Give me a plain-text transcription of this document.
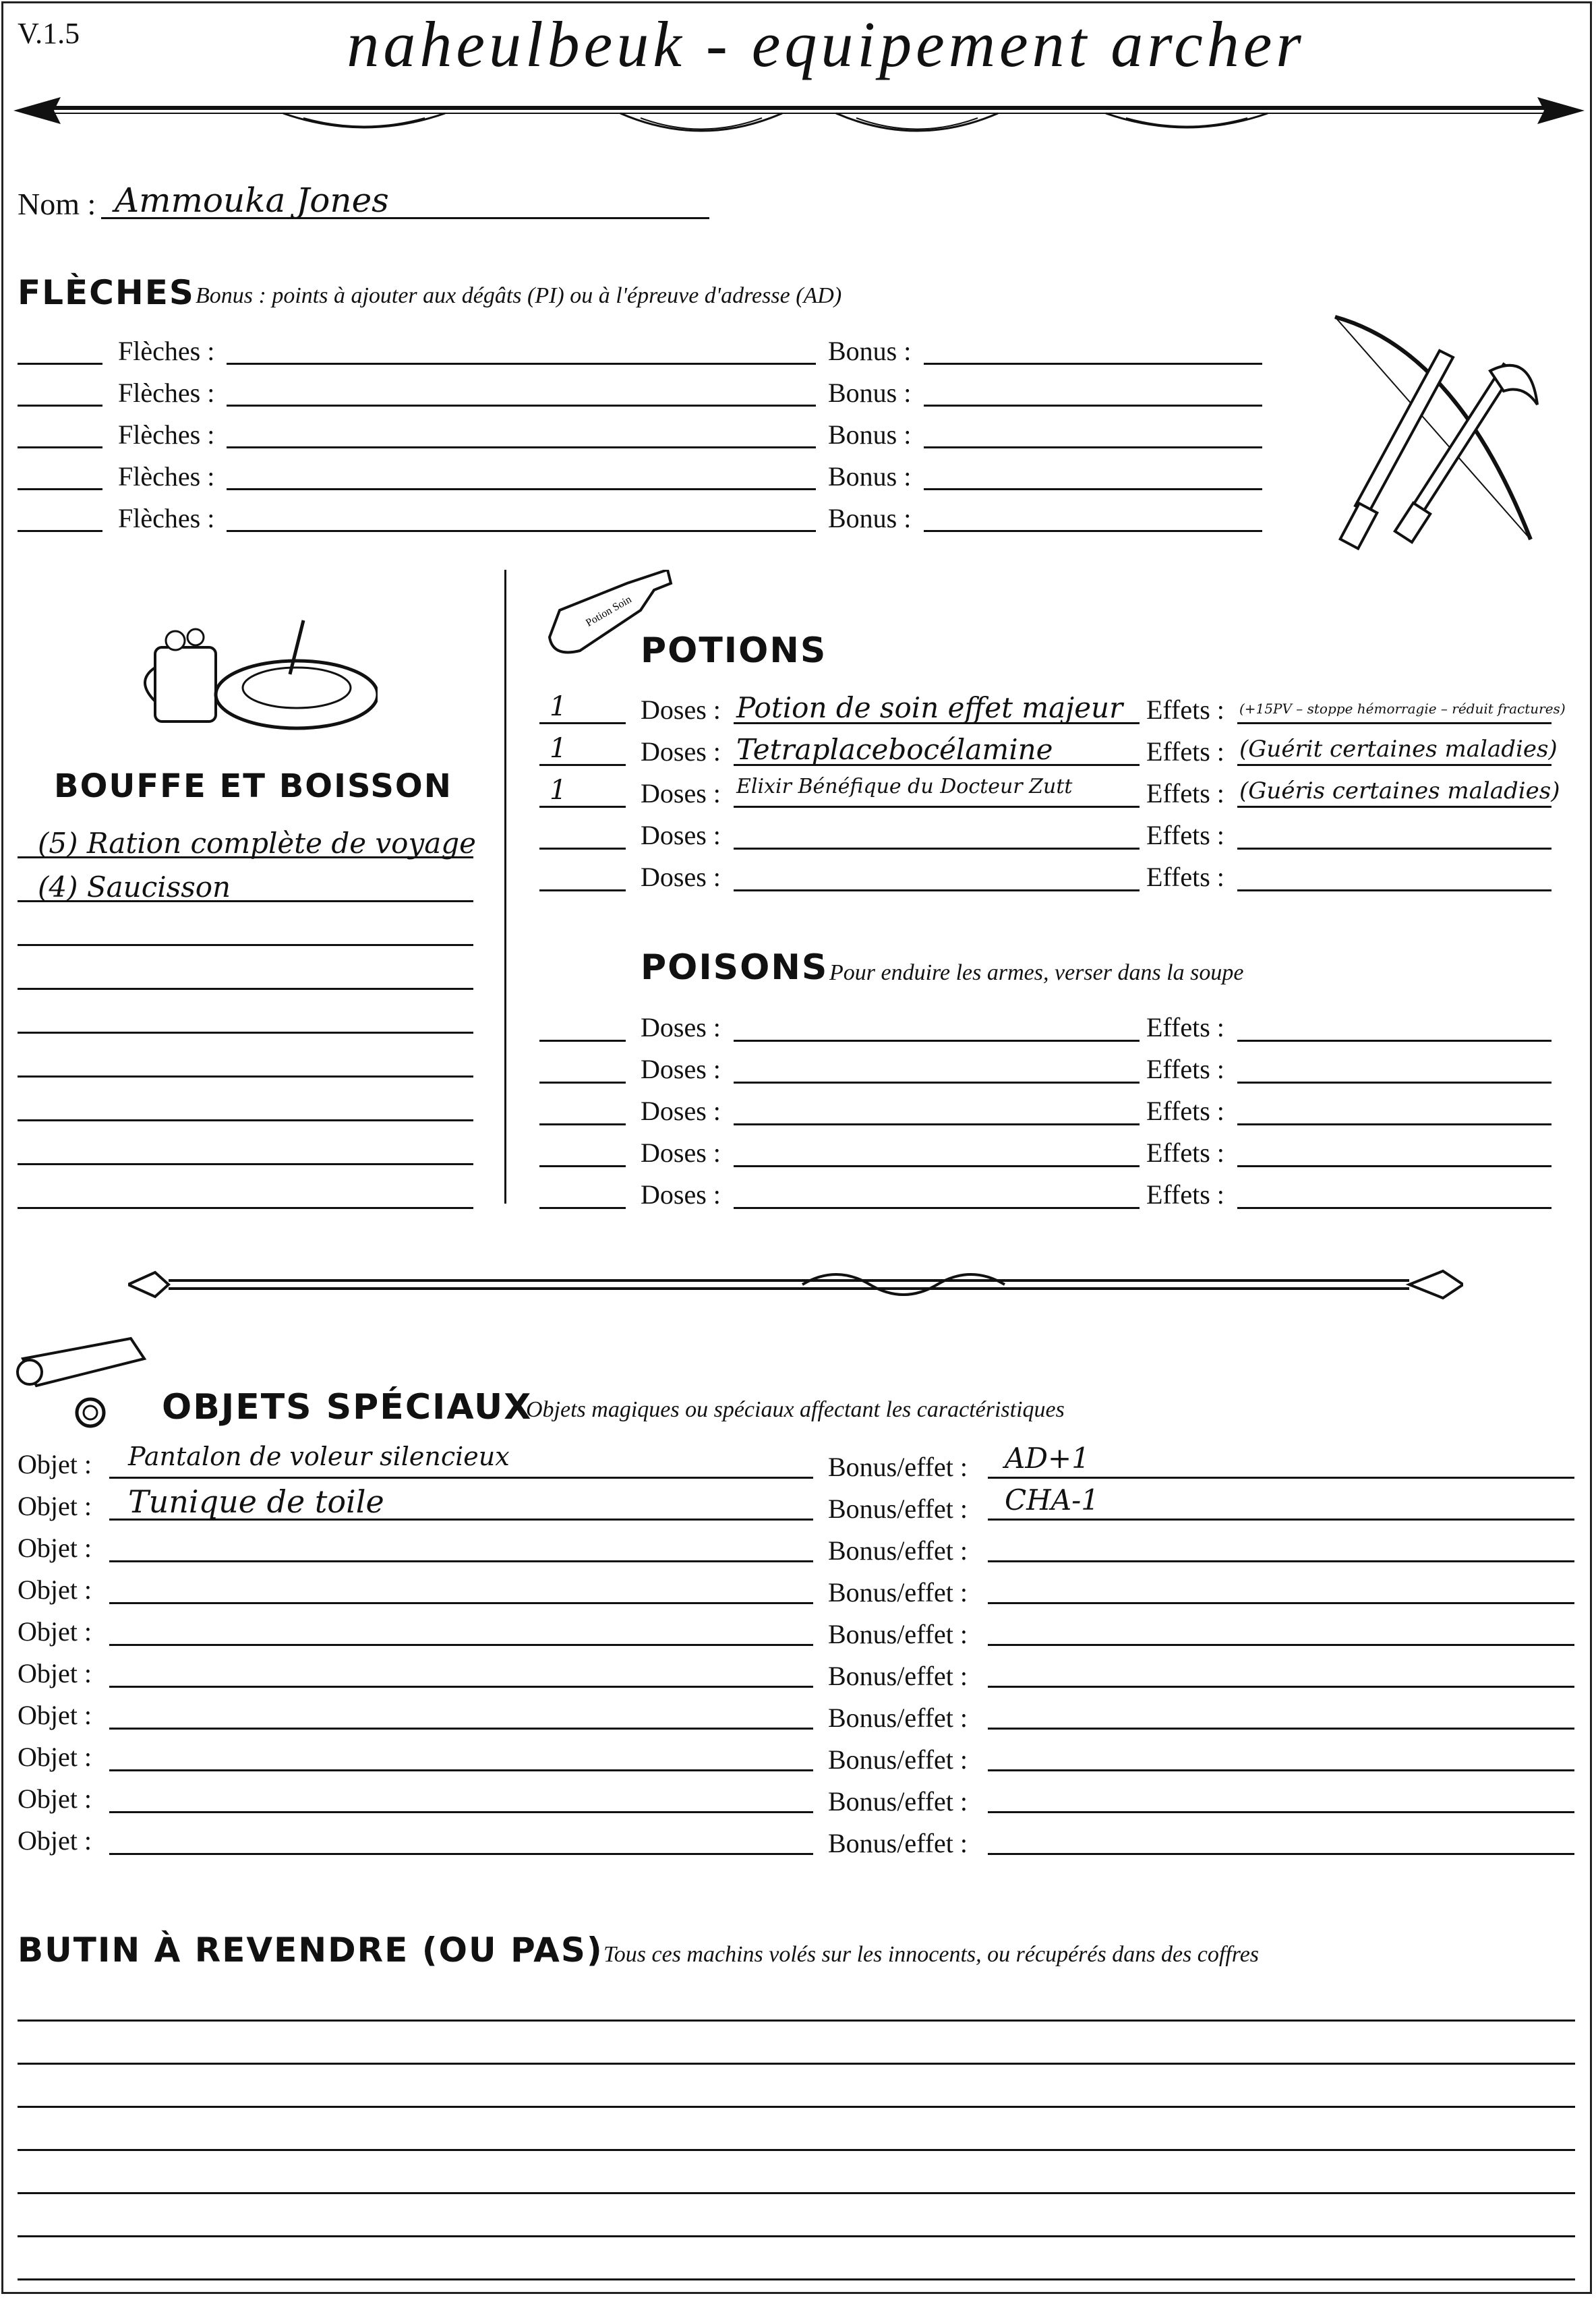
V.1.5	naheulbeuk - equipement archer
Nom : Ammouka Jones
FLÈCHES Bonus : points à ajouter aux dégâts (PI) ou à l'épreuve d'adresse (AD)
Flèches :	Bonus :
Flèches :	Bonus :
Flèches :	Bonus :
Flèches :	Bonus :
Flèches :	Bonus :
BOUFFE ET BOISSON
(5) Ration complète de voyage
(4) Saucisson
Potion Soin
POTIONS
1	Doses : Potion de soin effet majeur Effets : (+15PV – stoppe hémorragie – réduit fractures)
1	Doses : Tetraplacebocélamine	Effets : (Guérit certaines maladies)
1	Doses : Elixir Bénéfique du Docteur Zutt	Effets : (Guéris certaines maladies)
Doses :	Effets :
Doses :	Effets :
POISONS Pour enduire les armes, verser dans la soupe
Doses :	Effets :
Doses :	Effets :
Doses :	Effets :
Doses :	Effets :
Doses :	Effets :
OBJETS SPÉCIAUX
Objets magiques ou spéciaux affectant les caractéristiques
Objet : Pantalon de voleur silencieux	Bonus/effet : AD+1
Objet : Tunique de toile	Bonus/effet : CHA-1
Objet :	Bonus/effet :
Objet :	Bonus/effet :
Objet :	Bonus/effet :
Objet :	Bonus/effet :
Objet :	Bonus/effet :
Objet :	Bonus/effet :
Objet :	Bonus/effet :
Objet :	Bonus/effet :
BUTIN À REVENDRE (OU PAS) Tous ces machins volés sur les innocents, ou récupérés dans des coffres
